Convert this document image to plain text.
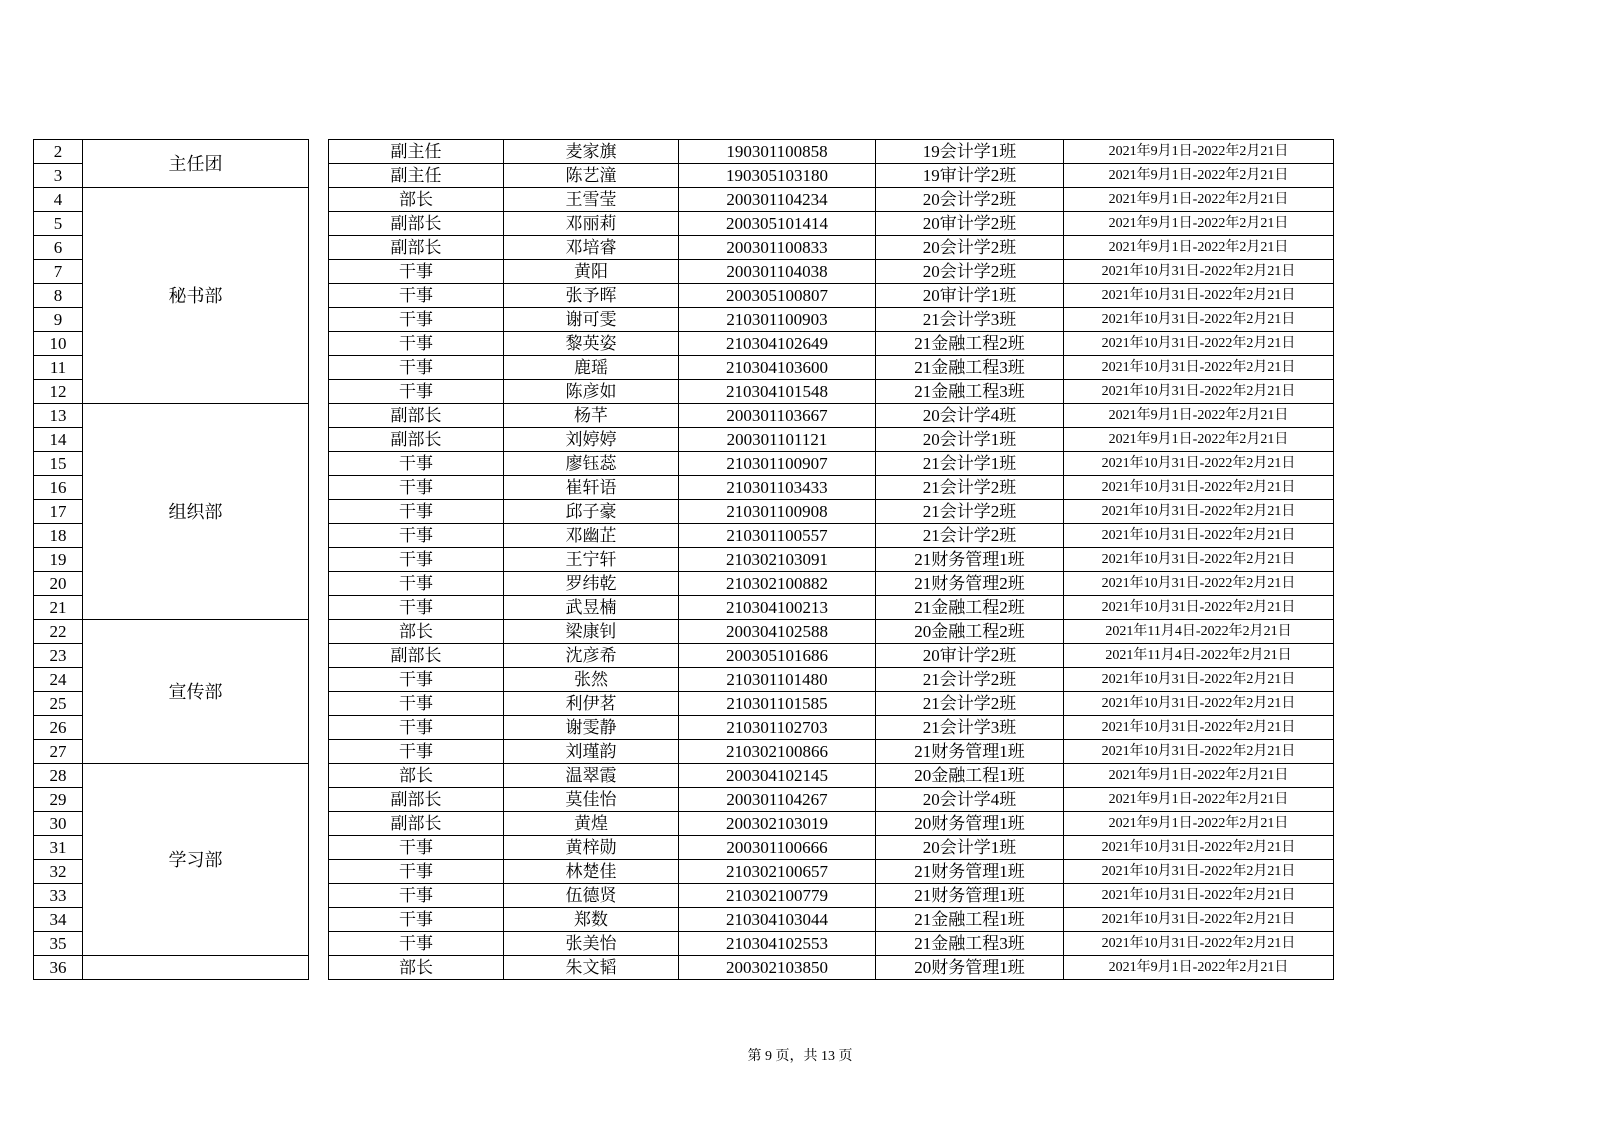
2	主任团		副主任	麦家旗	190301100858	19会计学1班	2021年9月1日-2022年2月21日
3			副主任	陈艺潼	190305103180	19审计学2班	2021年9月1日-2022年2月21日
4	秘书部		部长	王雪莹	200301104234	20会计学2班	2021年9月1日-2022年2月21日
5			副部长	邓丽莉	200305101414	20审计学2班	2021年9月1日-2022年2月21日
6			副部长	邓培睿	200301100833	20会计学2班	2021年9月1日-2022年2月21日
7			干事	黄阳	200301104038	20会计学2班	2021年10月31日-2022年2月21日
8			干事	张予晖	200305100807	20审计学1班	2021年10月31日-2022年2月21日
9			干事	谢可雯	210301100903	21会计学3班	2021年10月31日-2022年2月21日
10			干事	黎英姿	210304102649	21金融工程2班	2021年10月31日-2022年2月21日
11			干事	鹿瑶	210304103600	21金融工程3班	2021年10月31日-2022年2月21日
12			干事	陈彦如	210304101548	21金融工程3班	2021年10月31日-2022年2月21日
13	组织部		副部长	杨芊	200301103667	20会计学4班	2021年9月1日-2022年2月21日
14			副部长	刘婷婷	200301101121	20会计学1班	2021年9月1日-2022年2月21日
15			干事	廖钰蕊	210301100907	21会计学1班	2021年10月31日-2022年2月21日
16			干事	崔轩语	210301103433	21会计学2班	2021年10月31日-2022年2月21日
17			干事	邱子豪	210301100908	21会计学2班	2021年10月31日-2022年2月21日
18			干事	邓幽芷	210301100557	21会计学2班	2021年10月31日-2022年2月21日
19			干事	王宁轩	210302103091	21财务管理1班	2021年10月31日-2022年2月21日
20			干事	罗纬乾	210302100882	21财务管理2班	2021年10月31日-2022年2月21日
21			干事	武昱楠	210304100213	21金融工程2班	2021年10月31日-2022年2月21日
22	宣传部		部长	梁康钊	200304102588	20金融工程2班	2021年11月4日-2022年2月21日
23			副部长	沈彦希	200305101686	20审计学2班	2021年11月4日-2022年2月21日
24			干事	张然	210301101480	21会计学2班	2021年10月31日-2022年2月21日
25			干事	利伊茗	210301101585	21会计学2班	2021年10月31日-2022年2月21日
26			干事	谢雯静	210301102703	21会计学3班	2021年10月31日-2022年2月21日
27			干事	刘瑾韵	210302100866	21财务管理1班	2021年10月31日-2022年2月21日
28	学习部		部长	温翠霞	200304102145	20金融工程1班	2021年9月1日-2022年2月21日
29			副部长	莫佳怡	200301104267	20会计学4班	2021年9月1日-2022年2月21日
30			副部长	黄煌	200302103019	20财务管理1班	2021年9月1日-2022年2月21日
31			干事	黄梓勋	200301100666	20会计学1班	2021年10月31日-2022年2月21日
32			干事	林楚佳	210302100657	21财务管理1班	2021年10月31日-2022年2月21日
33			干事	伍德贤	210302100779	21财务管理1班	2021年10月31日-2022年2月21日
34			干事	郑数	210304103044	21金融工程1班	2021年10月31日-2022年2月21日
35			干事	张美怡	210304102553	21金融工程3班	2021年10月31日-2022年2月21日
36			部长	朱文韬	200302103850	20财务管理1班	2021年9月1日-2022年2月21日
第 9 页，共 13 页
